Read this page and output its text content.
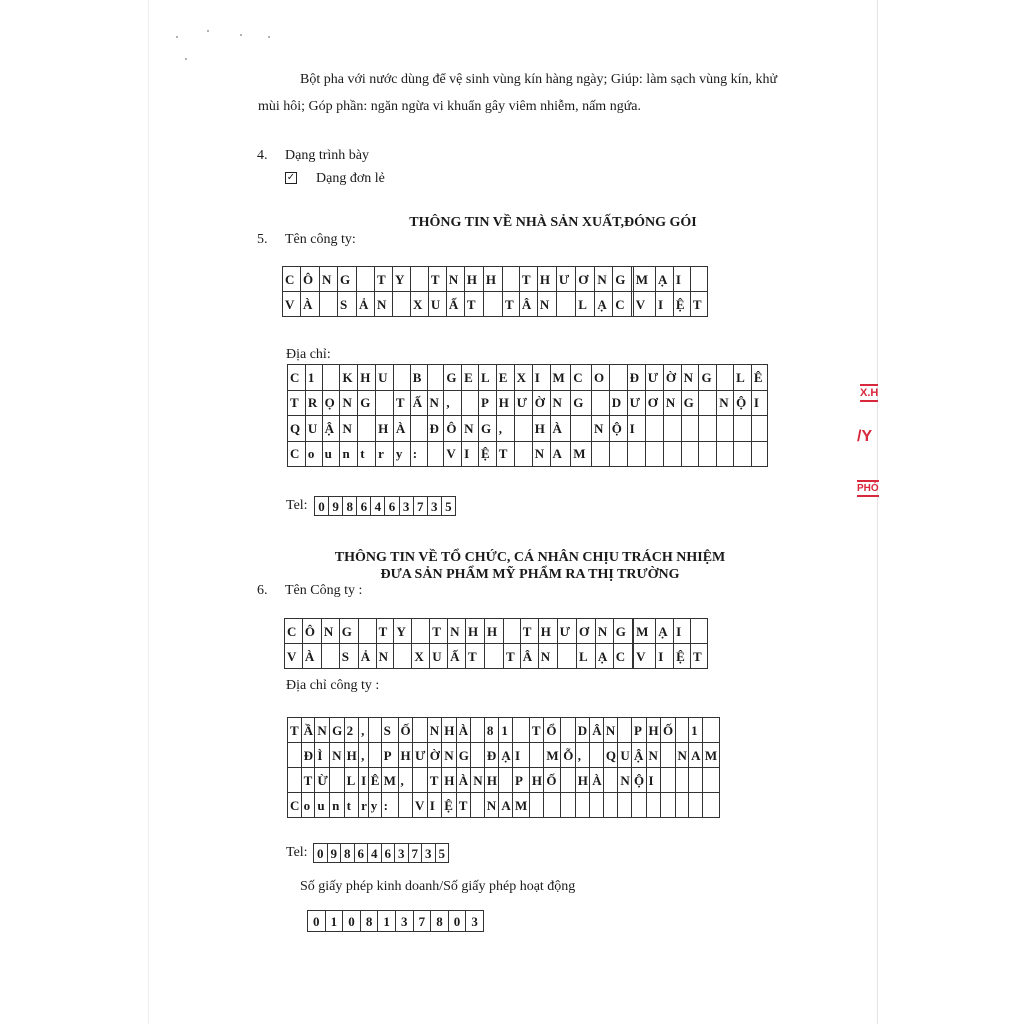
Bột pha với nước dùng để vệ sinh vùng kín hàng ngày; Giúp: làm sạch vùng kín, khử
mùi hôi; Góp phần: ngăn ngừa vi khuẩn gây viêm nhiễm, nấm ngứa.
4. Dạng trình bày
✓ Dạng đơn lẻ
THÔNG TIN VỀ NHÀ SẢN XUẤT,ĐÓNG GÓI
5. Tên công ty:
C	Ô	N	G		T	Y		T	N	H	H		T	H	Ư	Ơ	N	G		M	Ạ	I	
V	À		S	Ả	N		X	U	Ấ	T		T	Â	N		L	Ạ	C		V	I	Ệ	T
Địa chỉ:
C	1		K	H	U		B		G	E	L	E	X	I	M	C	O		Đ	Ư	Ờ	N	G		L	Ê
T	R	Ọ	N	G		T	Ấ	N	,		P	H	Ư	Ờ	N	G		D	Ư	Ơ	N	G		N	Ộ	I
Q	U	Ậ	N		H	À		Đ	Ô	N	G	,		H	À		N	Ộ	I							
C	o	u	n	t	r	y	:		V	I	Ệ	T		N	A	M										
Tel: 0	9	8	6	4	6	3	7	3	5
THÔNG TIN VỀ TỔ CHỨC, CÁ NHÂN CHỊU TRÁCH NHIỆM
ĐƯA SẢN PHẨM MỸ PHẨM RA THỊ TRƯỜNG
6. Tên Công ty :
C	Ô	N	G		T	Y		T	N	H	H		T	H	Ư	Ơ	N	G		M	Ạ	I	
V	À		S	Ả	N		X	U	Ấ	T		T	Â	N		L	Ạ	C		V	I	Ệ	T
Địa chỉ công ty :
T	Ầ	N	G	2	,		S	Ố		N	H	À		8	1		T	Ổ		D	Â	N		P	H	Ố		1	
	Đ	Ì	N	H	,		P	H	Ư	Ờ	N	G		Đ	Ạ	I		M	Ỗ	,		Q	U	Ậ	N		N	A	M
	T	Ừ		L	I	Ê	M	,		T	H	À	N	H		P	H	Ố		H	À		N	Ộ	I				
C	o	u	n	t	r	y	:		V	I	Ệ	T		N	A	M													
Tel: 0	9	8	6	4	6	3	7	3	5
Số giấy phép kinh doanh/Số giấy phép hoạt động
0	1	0	8	1	3	7	8	0	3
X.H
/Y
PHÓ
